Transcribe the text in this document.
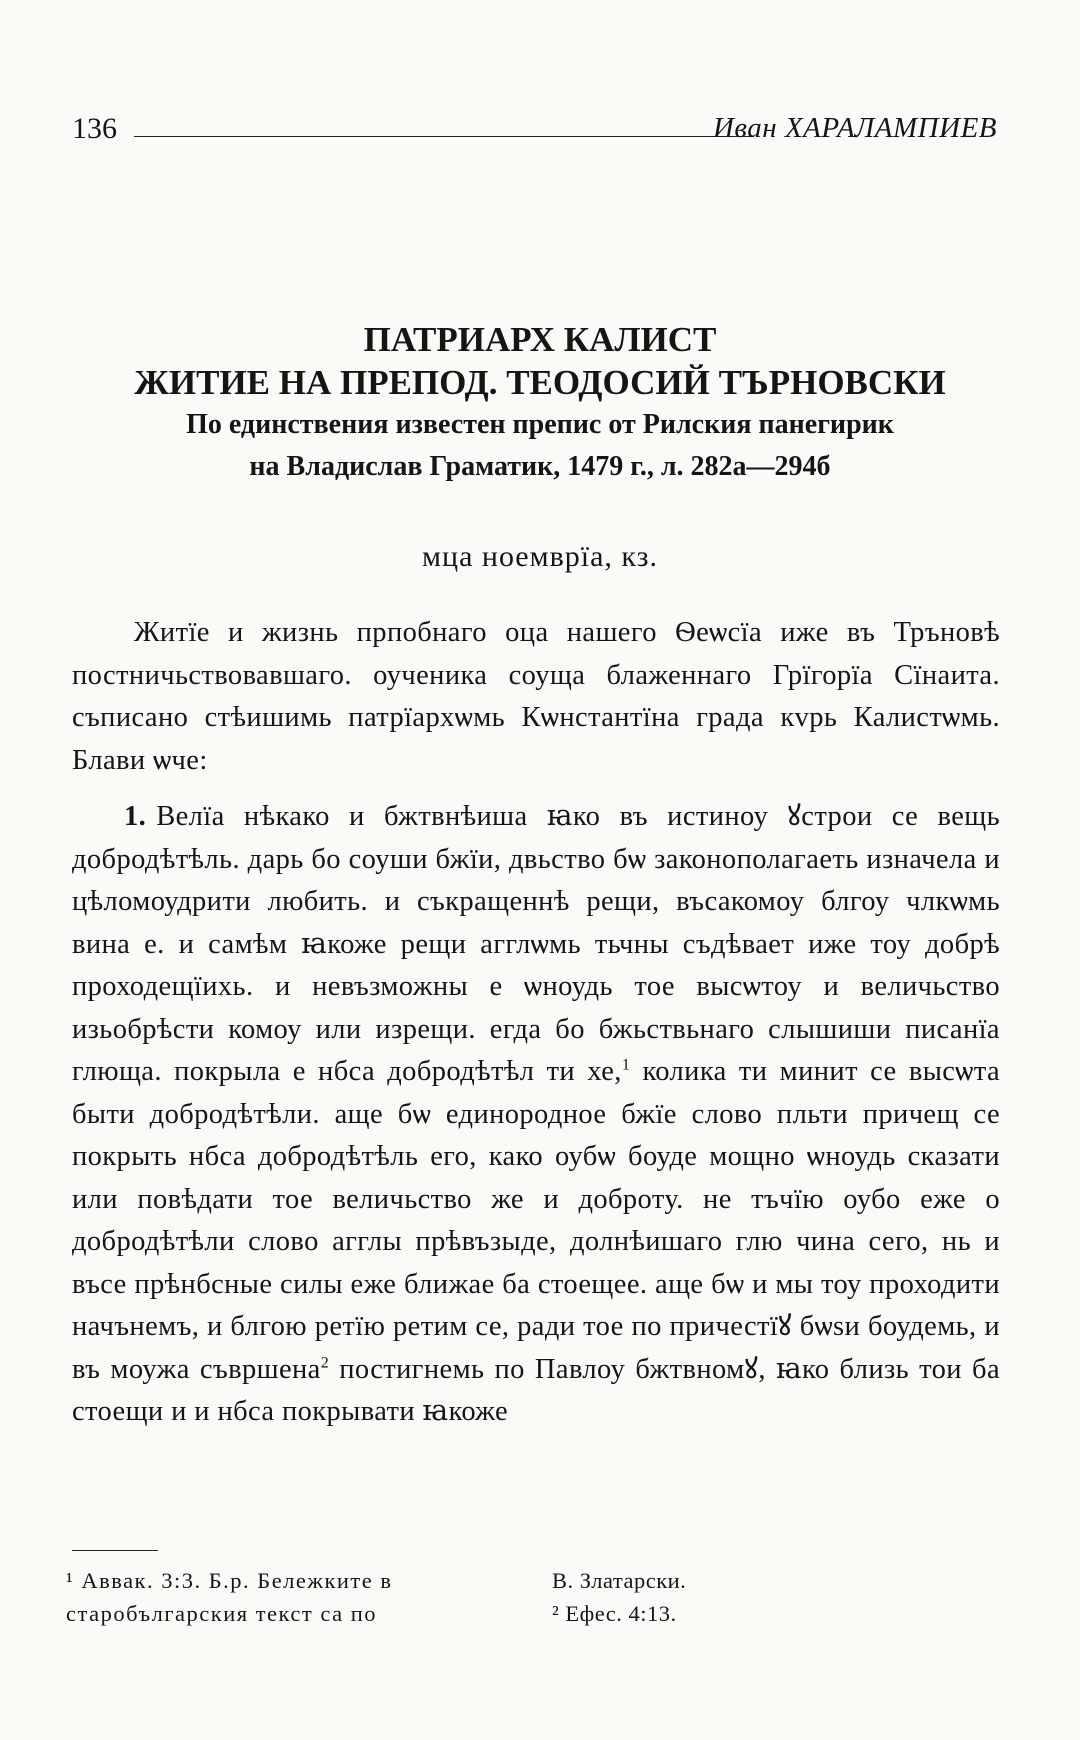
136	Иван ХАРАЛАМПИЕВ

ПАТРИАРХ КАЛИСТ

ЖИТИЕ НА ПРЕПОД. ТЕОДОСИЙ ТЪРНОВСКИ

По единствения известен препис от Рилския панегирик

на Владислав Граматик, 1479 г., л. 282а—294б

мца ноемврїа, кз.

Житїе и жизнь прпобнаго оца нашего Ѳеѡсїа иже въ Тръновѣ постничьствовавшаго. оученика соуща блаженнаго Грїгорїа Сїнаита. съписано стѣишимь патрїархѡмь Кѡнстантїна града кvрь Калистѡмь. Блави ѡче:

1. Велїа нѣкако и бжтвнѣиша ꙗко въ истиноу ꙋстрои се вещь добродѣтѣль. дарь бо соуши бжїи, двьство бѡ законополагаеть изначела и цѣломоудрити любить. и съкращеннѣ рещи, въсакомоу блгоу члкѡмь вина е. и самѣм ꙗкоже рещи агглѡмь тьчны съдѣвает иже тоу добрѣ проходещїихь. и невъзможны е ѡноудь тое высѡтоу и величьство изьобрѣсти комоу или изрещи. егда бо бжьствьнаго слышиши писанїа глюща. покрыла е нбса добродѣтѣл ти хе,$^1$ колика ти минит се высѡта быти добродѣтѣли. аще бѡ единородное бжїе слово пльти причещ се покрыть нбса добродѣтѣль его, како оубѡ боуде мощно ѡноудь сказати или повѣдати тое величьство же и доброту. не тъчїю оубо еже о добродѣтѣли слово агглы прѣвъзыде, долнѣишаго глю чина сего, нь и въсе прѣнбсные силы еже ближае ба стоещее. аще бѡ и мы тоу проходити начънемъ, и блгою ретїю ретим се, ради тое по причестїꙋ бѡѕи боудемь, и въ моужа съвршена$^2$ постигнемь по Павлоу бжтвномꙋ, ꙗко близь тои ба стоещи и и нбса покрывати ꙗкоже

¹ Аввак. 3:3. Б.р. Бележките в
старобългарския текст са по
В. Златарски.
² Ефес. 4:13.
